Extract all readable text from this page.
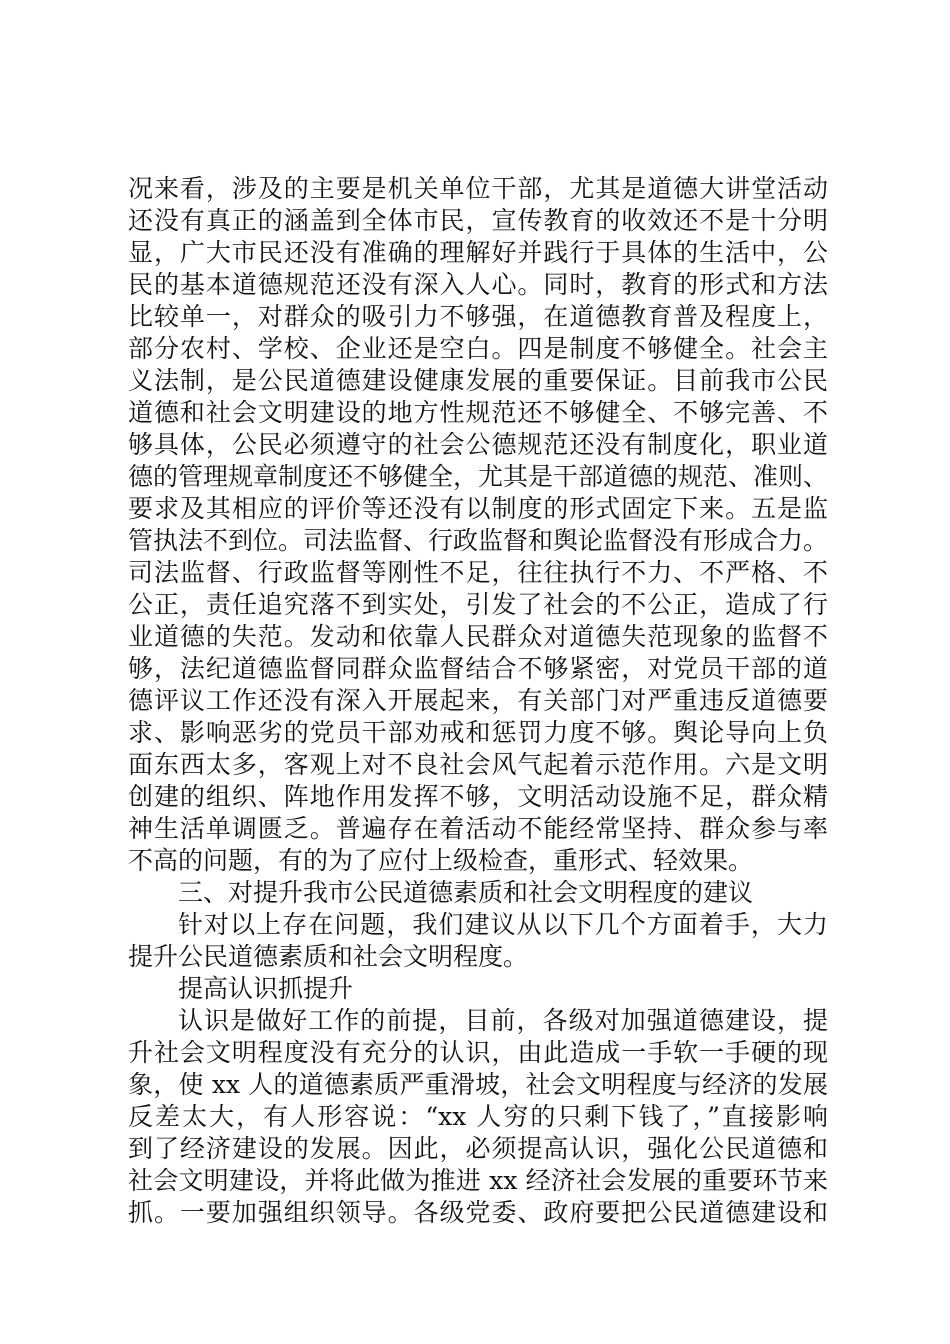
况来看，涉及的主要是机关单位干部，尤其是道德大讲堂活动
还没有真正的涵盖到全体市民，宣传教育的收效还不是十分明
显，广大市民还没有准确的理解好并践行于具体的生活中，公
民的基本道德规范还没有深入人心。同时，教育的形式和方法
比较单一，对群众的吸引力不够强，在道德教育普及程度上，
部分农村、学校、企业还是空白。四是制度不够健全。社会主
义法制，是公民道德建设健康发展的重要保证。目前我市公民
道德和社会文明建设的地方性规范还不够健全、不够完善、不
够具体，公民必须遵守的社会公德规范还没有制度化，职业道
德的管理规章制度还不够健全，尤其是干部道德的规范、准则、
要求及其相应的评价等还没有以制度的形式固定下来。五是监
管执法不到位。司法监督、行政监督和舆论监督没有形成合力。
司法监督、行政监督等刚性不足，往往执行不力、不严格、不
公正，责任追究落不到实处，引发了社会的不公正，造成了行
业道德的失范。发动和依靠人民群众对道德失范现象的监督不
够，法纪道德监督同群众监督结合不够紧密，对党员干部的道
德评议工作还没有深入开展起来，有关部门对严重违反道德要
求、影响恶劣的党员干部劝戒和惩罚力度不够。舆论导向上负
面东西太多，客观上对不良社会风气起着示范作用。六是文明
创建的组织、阵地作用发挥不够，文明活动设施不足，群众精
神生活单调匮乏。普遍存在着活动不能经常坚持、群众参与率
不高的问题，有的为了应付上级检查，重形式、轻效果。
三、对提升我市公民道德素质和社会文明程度的建议
针对以上存在问题，我们建议从以下几个方面着手，大力
提升公民道德素质和社会文明程度。
提高认识抓提升
认识是做好工作的前提，目前，各级对加强道德建设，提
升社会文明程度没有充分的认识，由此造成一手软一手硬的现
象，使 xx 人的道德素质严重滑坡，社会文明程度与经济的发展
反差太大，有人形容说：“xx 人穷的只剩下钱了，”直接影响
到了经济建设的发展。因此，必须提高认识，强化公民道德和
社会文明建设，并将此做为推进 xx 经济社会发展的重要环节来
抓。一要加强组织领导。各级党委、政府要把公民道德建设和
